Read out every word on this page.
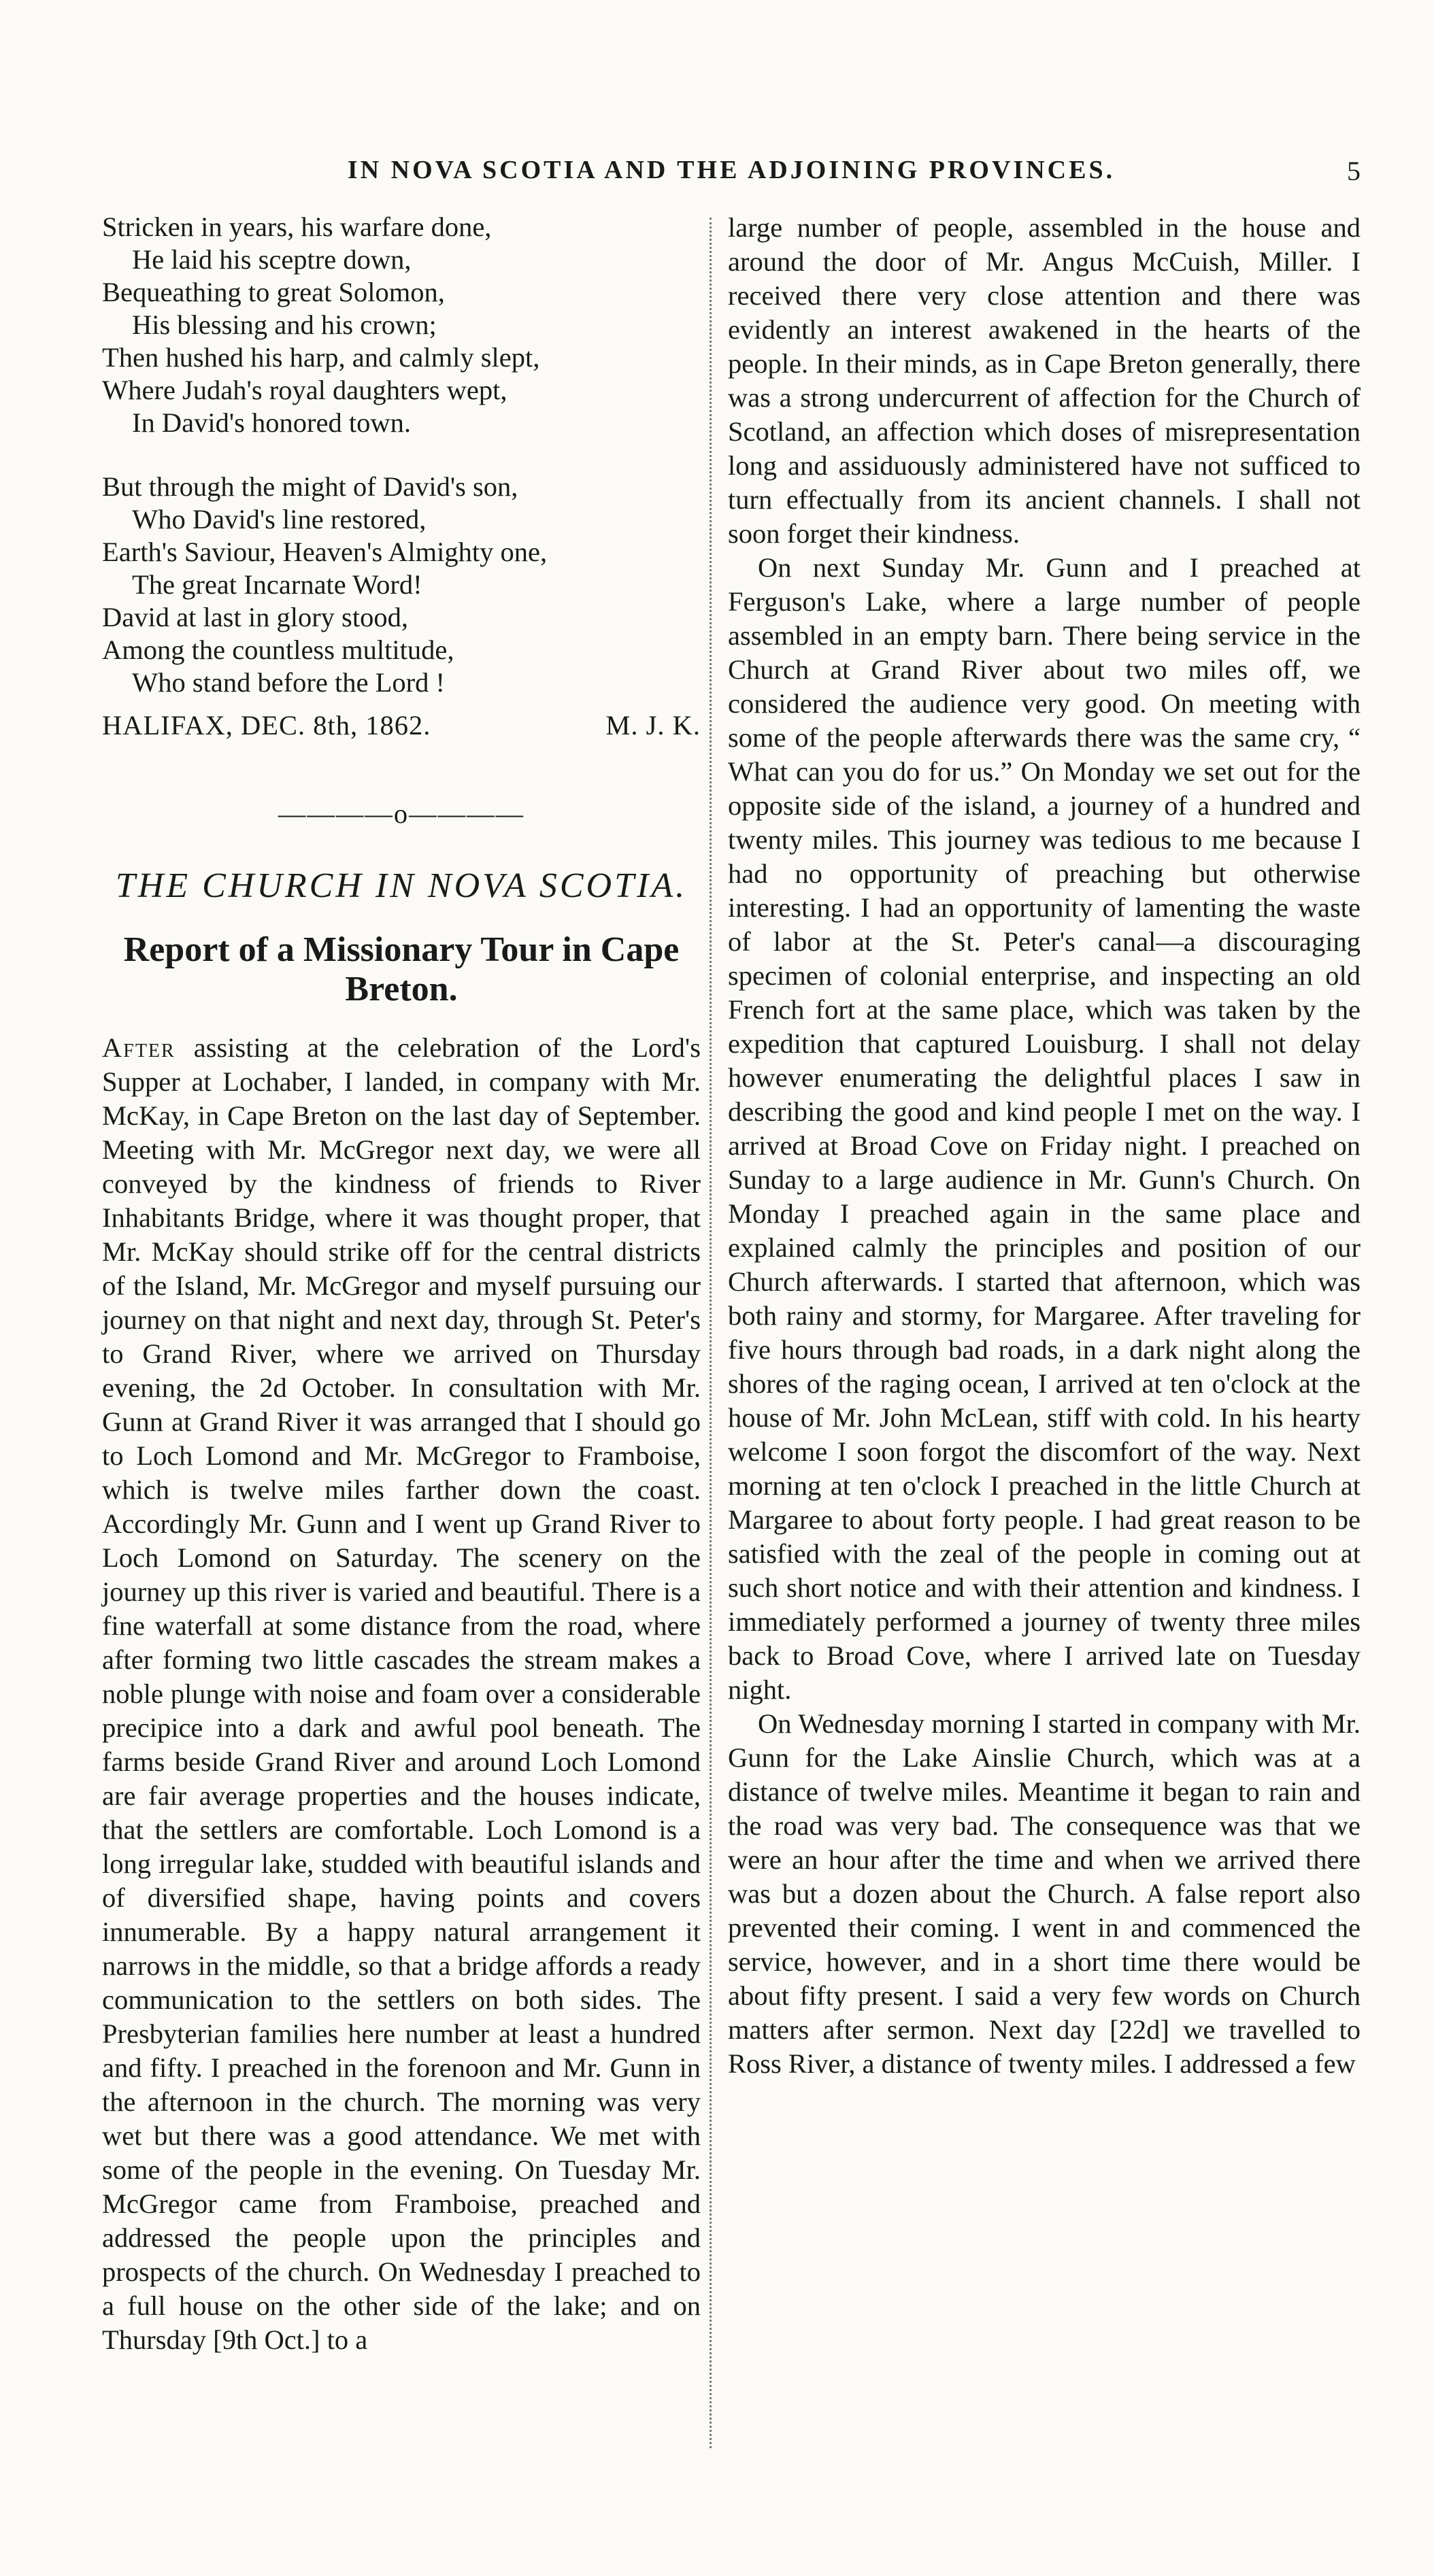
IN NOVA SCOTIA AND THE ADJOINING PROVINCES.	5
Stricken in years, his warfare done,
He laid his sceptre down,
Bequeathing to great Solomon,
His blessing and his crown;
Then hushed his harp, and calmly slept,
Where Judah's royal daughters wept,
In David's honored town.
But through the might of David's son,
Who David's line restored,
Earth's Saviour, Heaven's Almighty one,
The great Incarnate Word!
David at last in glory stood,
Among the countless multitude,
Who stand before the Lord !
HALIFAX, DEC. 8th, 1862.	M. J. K.
————o————
THE CHURCH IN NOVA SCOTIA.
Report of a Missionary Tour in Cape Breton.

After assisting at the celebration of the Lord's Supper at Lochaber, I landed, in company with Mr. McKay, in Cape Breton on the last day of September. Meeting with Mr. McGregor next day, we were all conveyed by the kindness of friends to River Inhabitants Bridge, where it was thought proper, that Mr. McKay should strike off for the central districts of the Island, Mr. McGregor and myself pursuing our journey on that night and next day, through St. Peter's to Grand River, where we arrived on Thursday evening, the 2d October. In consultation with Mr. Gunn at Grand River it was arranged that I should go to Loch Lomond and Mr. McGregor to Framboise, which is twelve miles farther down the coast. Accordingly Mr. Gunn and I went up Grand River to Loch Lomond on Saturday. The scenery on the journey up this river is varied and beautiful. There is a fine waterfall at some distance from the road, where after forming two little cascades the stream makes a noble plunge with noise and foam over a considerable precipice into a dark and awful pool beneath. The farms beside Grand River and around Loch Lomond are fair average properties and the houses indicate, that the settlers are comfortable. Loch Lomond is a long irregular lake, studded with beautiful islands and of diversified shape, having points and covers innumerable. By a happy natural arrangement it narrows in the middle, so that a bridge affords a ready communication to the settlers on both sides. The Presbyterian families here number at least a hundred and fifty. I preached in the forenoon and Mr. Gunn in the afternoon in the church. The morning was very wet but there was a good attendance. We met with some of the people in the evening. On Tuesday Mr. McGregor came from Framboise, preached and addressed the people upon the principles and prospects of the church. On Wednesday I preached to a full house on the other side of the lake; and on Thursday [9th Oct.] to a

large number of people, assembled in the house and around the door of Mr. Angus McCuish, Miller. I received there very close attention and there was evidently an interest awakened in the hearts of the people. In their minds, as in Cape Breton generally, there was a strong undercurrent of affection for the Church of Scotland, an affection which doses of misrepresentation long and assiduously administered have not sufficed to turn effectually from its ancient channels. I shall not soon forget their kindness.

On next Sunday Mr. Gunn and I preached at Ferguson's Lake, where a large number of people assembled in an empty barn. There being service in the Church at Grand River about two miles off, we considered the audience very good. On meeting with some of the people afterwards there was the same cry, “ What can you do for us.” On Monday we set out for the opposite side of the island, a journey of a hundred and twenty miles. This journey was tedious to me because I had no opportunity of preaching but otherwise interesting. I had an opportunity of lamenting the waste of labor at the St. Peter's canal—a discouraging specimen of colonial enterprise, and inspecting an old French fort at the same place, which was taken by the expedition that captured Louisburg. I shall not delay however enumerating the delightful places I saw in describing the good and kind people I met on the way. I arrived at Broad Cove on Friday night. I preached on Sunday to a large audience in Mr. Gunn's Church. On Monday I preached again in the same place and explained calmly the principles and position of our Church afterwards. I started that afternoon, which was both rainy and stormy, for Margaree. After traveling for five hours through bad roads, in a dark night along the shores of the raging ocean, I arrived at ten o'clock at the house of Mr. John McLean, stiff with cold. In his hearty welcome I soon forgot the discomfort of the way. Next morning at ten o'clock I preached in the little Church at Margaree to about forty people. I had great reason to be satisfied with the zeal of the people in coming out at such short notice and with their attention and kindness. I immediately performed a journey of twenty three miles back to Broad Cove, where I arrived late on Tuesday night.

On Wednesday morning I started in company with Mr. Gunn for the Lake Ainslie Church, which was at a distance of twelve miles. Meantime it began to rain and the road was very bad. The consequence was that we were an hour after the time and when we arrived there was but a dozen about the Church. A false report also prevented their coming. I went in and commenced the service, however, and in a short time there would be about fifty present. I said a very few words on Church matters after sermon. Next day [22d] we travelled to Ross River, a distance of twenty miles. I addressed a few
